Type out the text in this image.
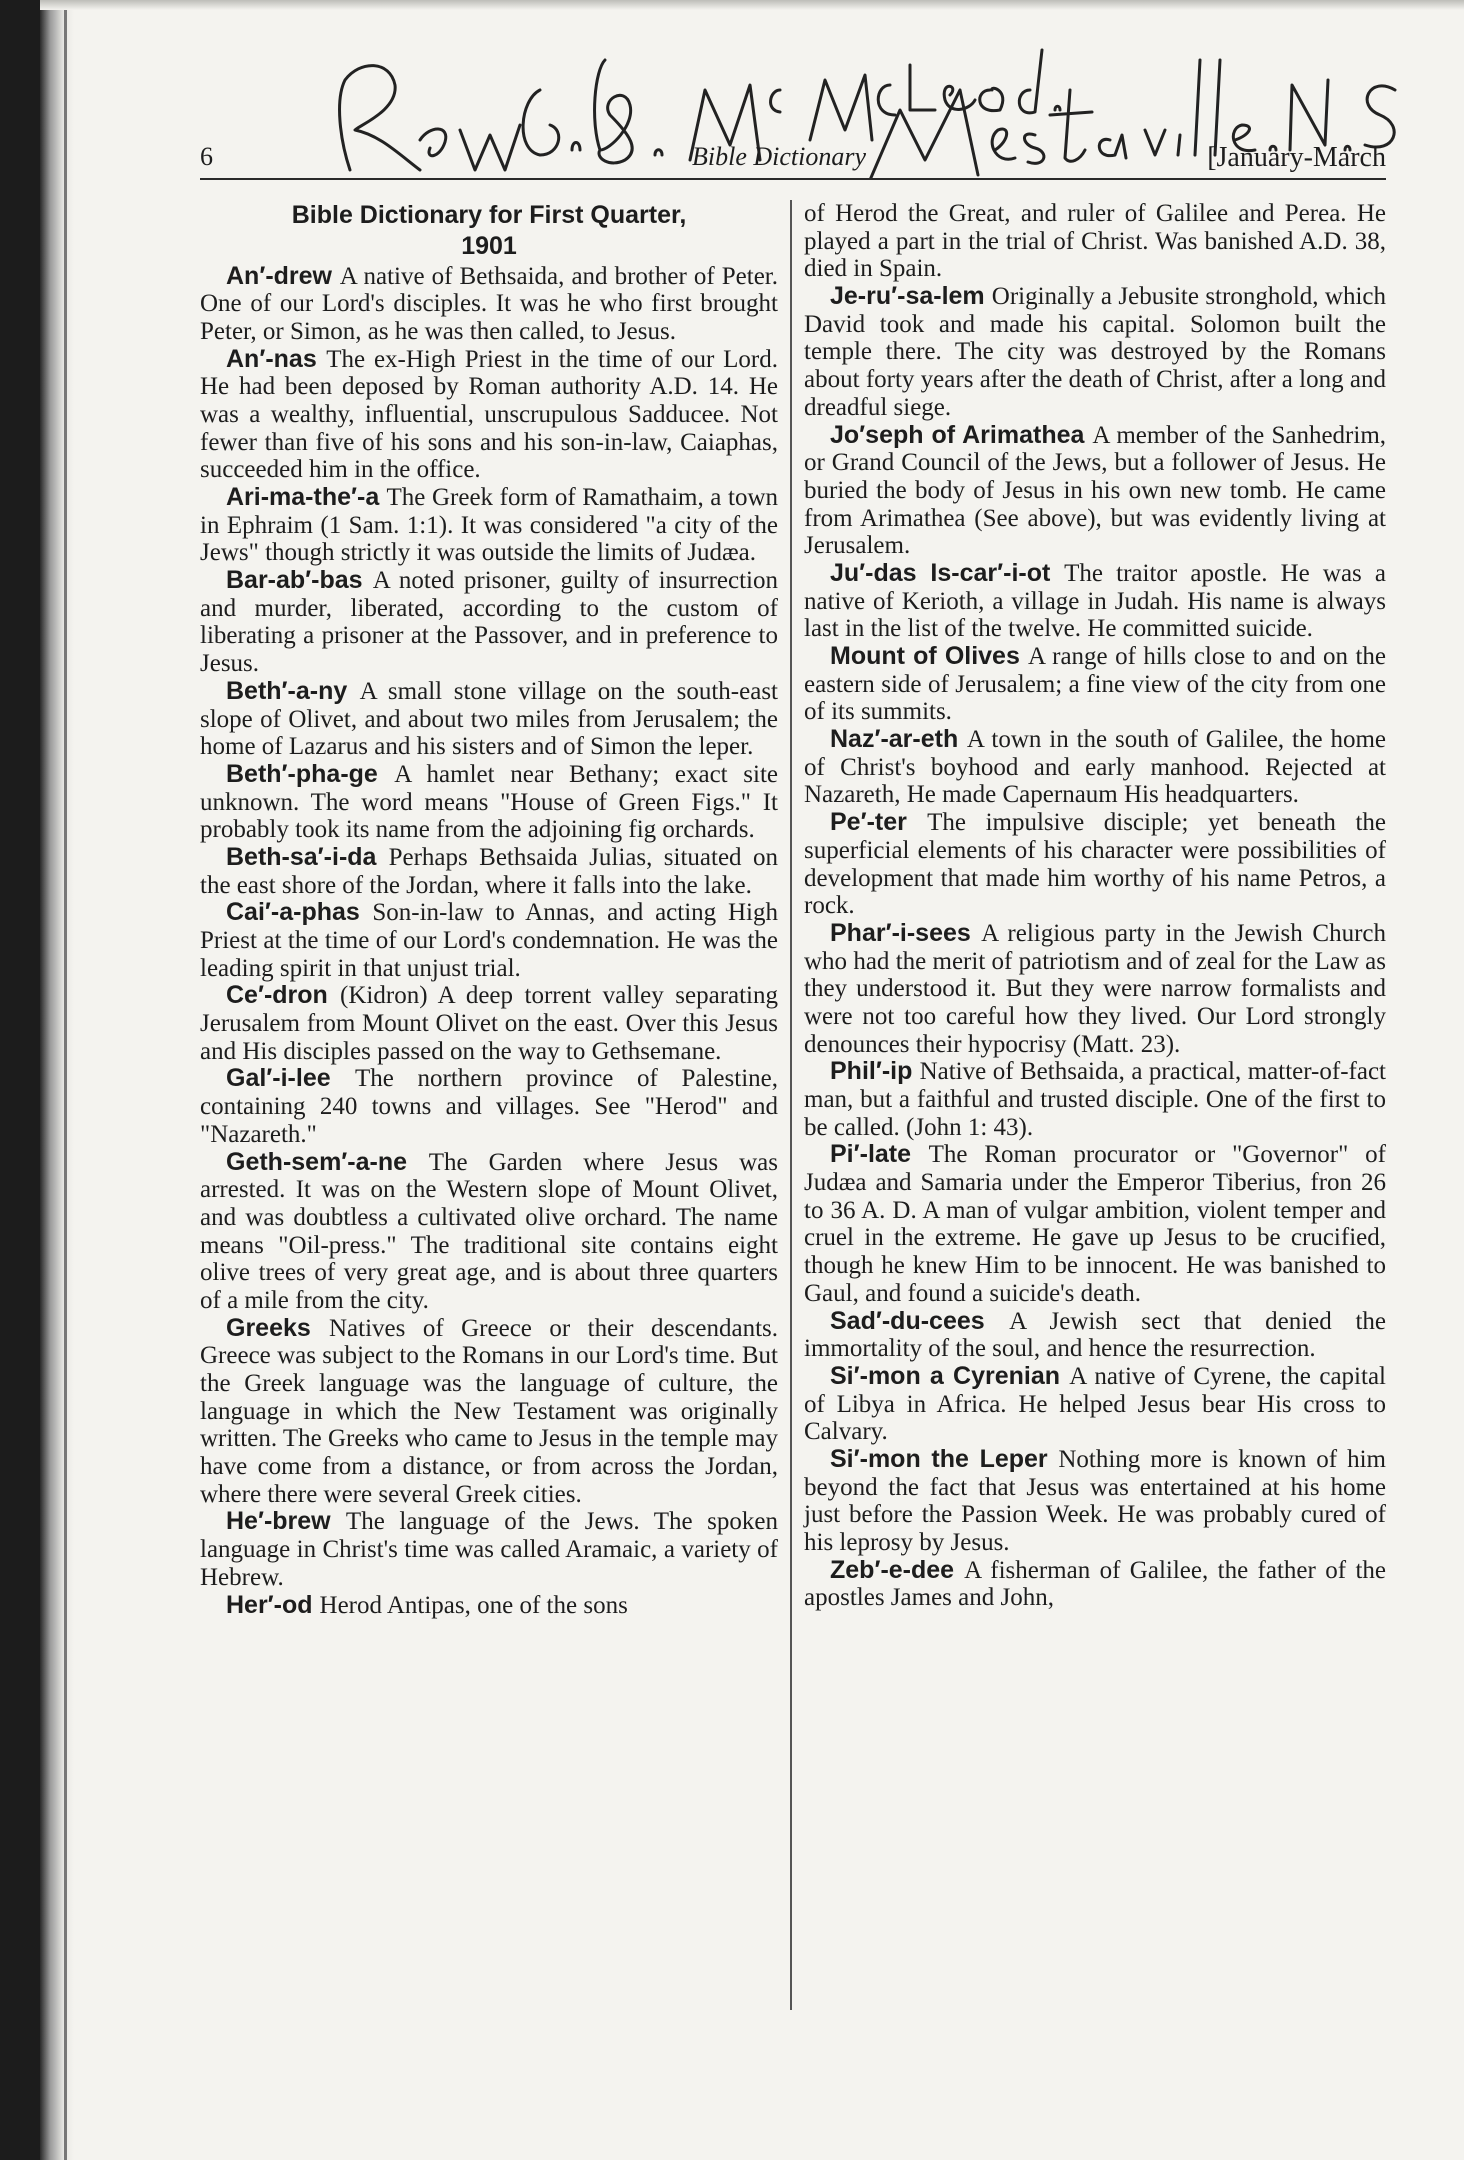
6	Bible Dictionary	[January-March

Bible Dictionary for First Quarter,
1901

An′-drew A native of Bethsaida, and brother of Peter. One of our Lord's disciples. It was he who first brought Peter, or Simon, as he was then called, to Jesus.

An′-nas The ex-High Priest in the time of our Lord. He had been deposed by Roman authority A.D. 14. He was a wealthy, influential, unscrupulous Sadducee. Not fewer than five of his sons and his son-in-law, Caiaphas, succeeded him in the office.

Ari-ma-the′-a The Greek form of Ramathaim, a town in Ephraim (1 Sam. 1:1). It was considered "a city of the Jews" though strictly it was outside the limits of Judæa.

Bar-ab′-bas A noted prisoner, guilty of insurrection and murder, liberated, according to the custom of liberating a prisoner at the Passover, and in preference to Jesus.

Beth′-a-ny A small stone village on the south-east slope of Olivet, and about two miles from Jerusalem; the home of Lazarus and his sisters and of Simon the leper.

Beth′-pha-ge A hamlet near Bethany; exact site unknown. The word means "House of Green Figs." It probably took its name from the adjoining fig orchards.

Beth-sa′-i-da Perhaps Bethsaida Julias, situated on the east shore of the Jordan, where it falls into the lake.

Cai′-a-phas Son-in-law to Annas, and acting High Priest at the time of our Lord's condemnation. He was the leading spirit in that unjust trial.

Ce′-dron (Kidron) A deep torrent valley separating Jerusalem from Mount Olivet on the east. Over this Jesus and His disciples passed on the way to Gethsemane.

Gal′-i-lee The northern province of Palestine, containing 240 towns and villages. See "Herod" and "Nazareth."

Geth-sem′-a-ne The Garden where Jesus was arrested. It was on the Western slope of Mount Olivet, and was doubtless a cultivated olive orchard. The name means "Oil-press." The traditional site contains eight olive trees of very great age, and is about three quarters of a mile from the city.

Greeks Natives of Greece or their descendants. Greece was subject to the Romans in our Lord's time. But the Greek language was the language of culture, the language in which the New Testament was originally written. The Greeks who came to Jesus in the temple may have come from a distance, or from across the Jordan, where there were several Greek cities.

He′-brew The language of the Jews. The spoken language in Christ's time was called Aramaic, a variety of Hebrew.

Her′-od Herod Antipas, one of the sons

of Herod the Great, and ruler of Galilee and Perea. He played a part in the trial of Christ. Was banished A.D. 38, died in Spain.

Je-ru′-sa-lem Originally a Jebusite stronghold, which David took and made his capital. Solomon built the temple there. The city was destroyed by the Romans about forty years after the death of Christ, after a long and dreadful siege.

Jo′seph of Arimathea A member of the Sanhedrim, or Grand Council of the Jews, but a follower of Jesus. He buried the body of Jesus in his own new tomb. He came from Arimathea (See above), but was evidently living at Jerusalem.

Ju′-das Is-car′-i-ot The traitor apostle. He was a native of Kerioth, a village in Judah. His name is always last in the list of the twelve. He committed suicide.

Mount of Olives A range of hills close to and on the eastern side of Jerusalem; a fine view of the city from one of its summits.

Naz′-ar-eth A town in the south of Galilee, the home of Christ's boyhood and early manhood. Rejected at Nazareth, He made Capernaum His headquarters.

Pe′-ter The impulsive disciple; yet beneath the superficial elements of his character were possibilities of development that made him worthy of his name Petros, a rock.

Phar′-i-sees A religious party in the Jewish Church who had the merit of patriotism and of zeal for the Law as they understood it. But they were narrow formalists and were not too careful how they lived. Our Lord strongly denounces their hypocrisy (Matt. 23).

Phil′-ip Native of Bethsaida, a practical, matter-of-fact man, but a faithful and trusted disciple. One of the first to be called. (John 1: 43).

Pi′-late The Roman procurator or "Governor" of Judæa and Samaria under the Emperor Tiberius, fron 26 to 36 A. D. A man of vulgar ambition, violent temper and cruel in the extreme. He gave up Jesus to be crucified, though he knew Him to be innocent. He was banished to Gaul, and found a suicide's death.

Sad′-du-cees A Jewish sect that denied the immortality of the soul, and hence the resurrection.

Si′-mon a Cyrenian A native of Cyrene, the capital of Libya in Africa. He helped Jesus bear His cross to Calvary.

Si′-mon the Leper Nothing more is known of him beyond the fact that Jesus was entertained at his home just before the Passion Week. He was probably cured of his leprosy by Jesus.

Zeb′-e-dee A fisherman of Galilee, the father of the apostles James and John,
